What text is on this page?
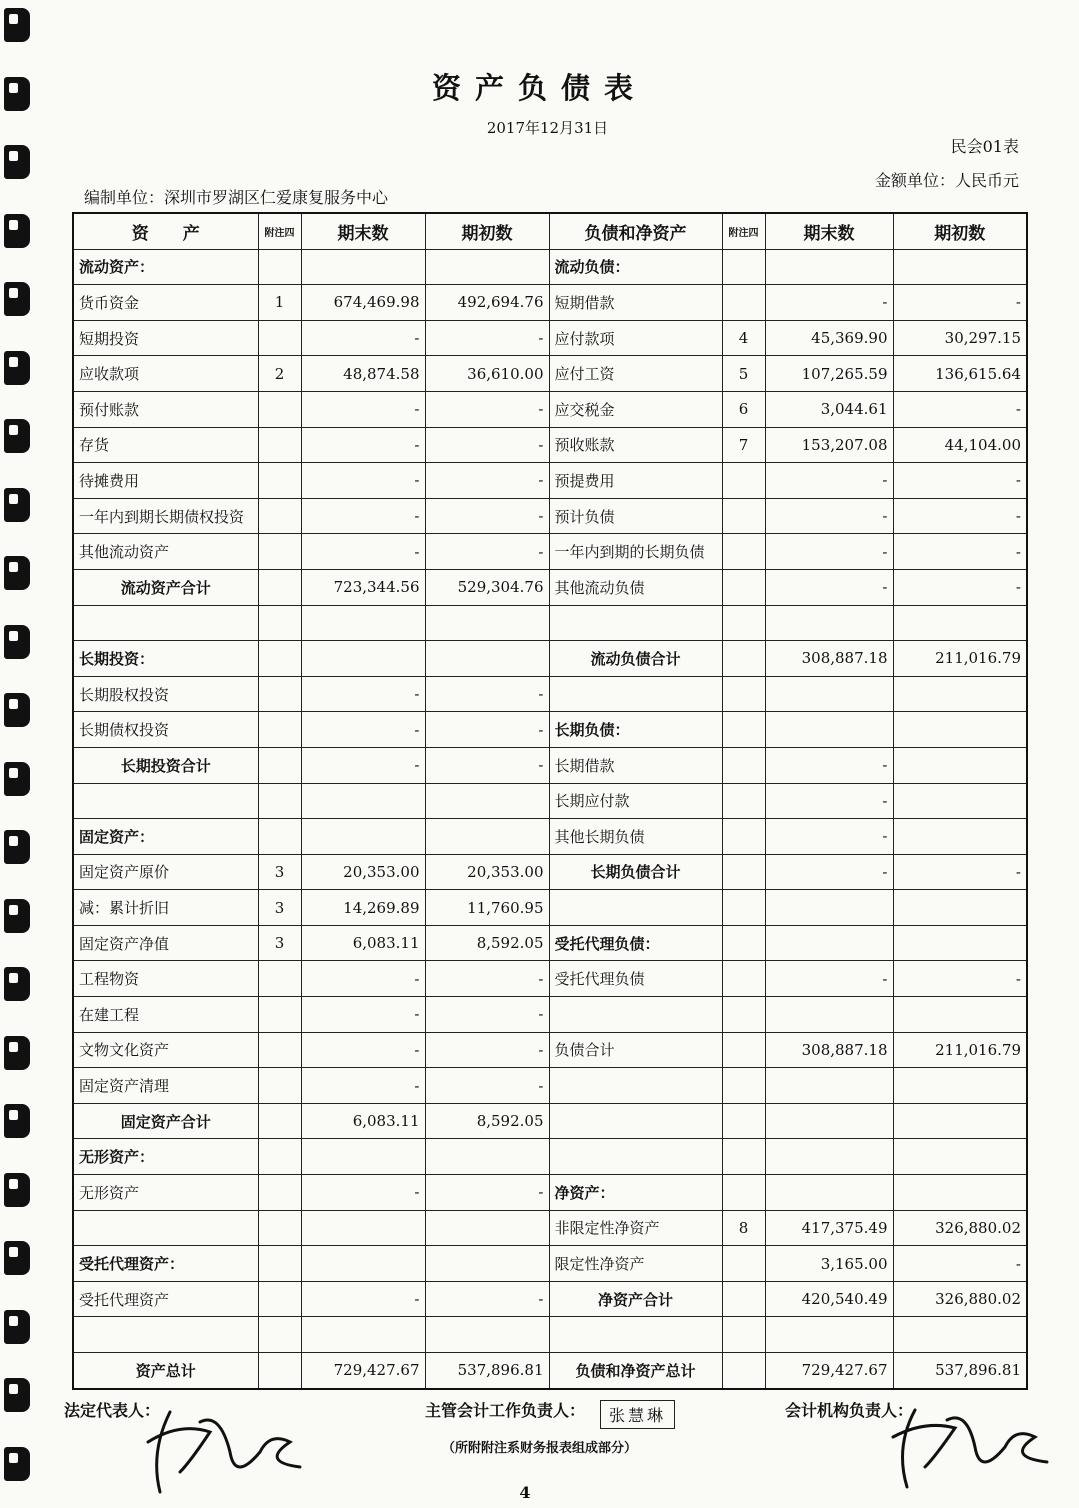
资产负债表
2017年12月31日
民会01表
金额单位：人民币元
编制单位：深圳市罗湖区仁爱康复服务中心
资　　产	附注四	期末数	期初数	负债和净资产	附注四	期末数	期初数
流动资产：				流动负债：			
货币资金	1	674,469.98	492,694.76	短期借款		-	-
短期投资		-	-	应付款项	4	45,369.90	30,297.15
应收款项	2	48,874.58	36,610.00	应付工资	5	107,265.59	136,615.64
预付账款		-	-	应交税金	6	3,044.61	-
存货		-	-	预收账款	7	153,207.08	44,104.00
待摊费用		-	-	预提费用		-	-
一年内到期长期债权投资		-	-	预计负债		-	-
其他流动资产		-	-	一年内到期的长期负债		-	-
流动资产合计		723,344.56	529,304.76	其他流动负债		-	-

长期投资：				流动负债合计		308,887.18	211,016.79
长期股权投资		-	-				
长期债权投资		-	-	长期负债：			
长期投资合计		-	-	长期借款		-	
				长期应付款		-	
固定资产：				其他长期负债		-	
固定资产原价	3	20,353.00	20,353.00	长期负债合计		-	-
减：累计折旧	3	14,269.89	11,760.95				
固定资产净值	3	6,083.11	8,592.05	受托代理负债：			
工程物资		-	-	受托代理负债		-	-
在建工程		-	-				
文物文化资产		-	-	负债合计		308,887.18	211,016.79
固定资产清理		-	-				
固定资产合计		6,083.11	8,592.05				
无形资产：							
无形资产		-	-	净资产：			
				非限定性净资产	8	417,375.49	326,880.02
受托代理资产：				限定性净资产		3,165.00	-
受托代理资产		-	-	净资产合计		420,540.49	326,880.02

资产总计		729,427.67	537,896.81	负债和净资产总计		729,427.67	537,896.81
法定代表人：	主管会计工作负责人：	张慧琳	会计机构负责人：
（所附附注系财务报表组成部分）
4
